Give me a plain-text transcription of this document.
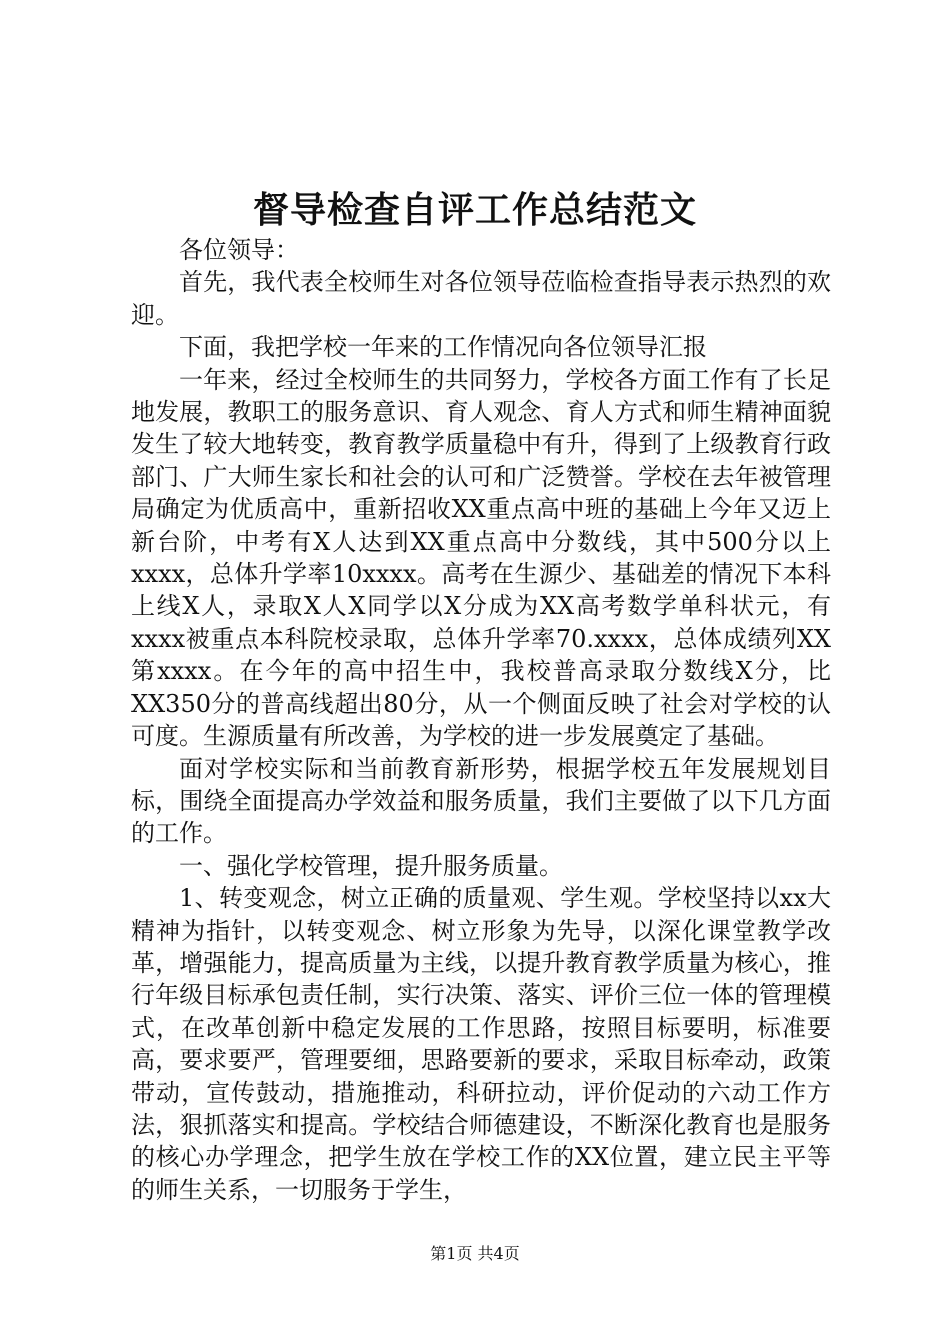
督导检查自评工作总结范文

各位领导：

首先，我代表全校师生对各位领导莅临检查指导表示热烈的欢迎。

下面，我把学校一年来的工作情况向各位领导汇报

一年来，经过全校师生的共同努力，学校各方面工作有了长足地发展，教职工的服务意识、育人观念、育人方式和师生精神面貌发生了较大地转变，教育教学质量稳中有升，得到了上级教育行政部门、广大师生家长和社会的认可和广泛赞誉。学校在去年被管理局确定为优质高中，重新招收XX重点高中班的基础上今年又迈上新台阶，中考有X人达到XX重点高中分数线，其中500分以上xxxx，总体升学率10xxxx。高考在生源少、基础差的情况下本科上线X人，录取X人X同学以X分成为XX高考数学单科状元，有xxxx被重点本科院校录取，总体升学率70.xxxx，总体成绩列XX第xxxx。在今年的高中招生中，我校普高录取分数线X分，比XX350分的普高线超出80分，从一个侧面反映了社会对学校的认可度。生源质量有所改善，为学校的进一步发展奠定了基础。

面对学校实际和当前教育新形势，根据学校五年发展规划目标，围绕全面提高办学效益和服务质量，我们主要做了以下几方面的工作。

一、强化学校管理，提升服务质量。

1、转变观念，树立正确的质量观、学生观。学校坚持以xx大精神为指针，以转变观念、树立形象为先导，以深化课堂教学改革，增强能力，提高质量为主线，以提升教育教学质量为核心，推行年级目标承包责任制，实行决策、落实、评价三位一体的管理模式，在改革创新中稳定发展的工作思路，按照目标要明，标准要高，要求要严，管理要细，思路要新的要求，采取目标牵动，政策带动，宣传鼓动，措施推动，科研拉动，评价促动的六动工作方法，狠抓落实和提高。学校结合师德建设，不断深化教育也是服务的核心办学理念，把学生放在学校工作的XX位置，建立民主平等的师生关系，一切服务于学生，

第1页 共4页
